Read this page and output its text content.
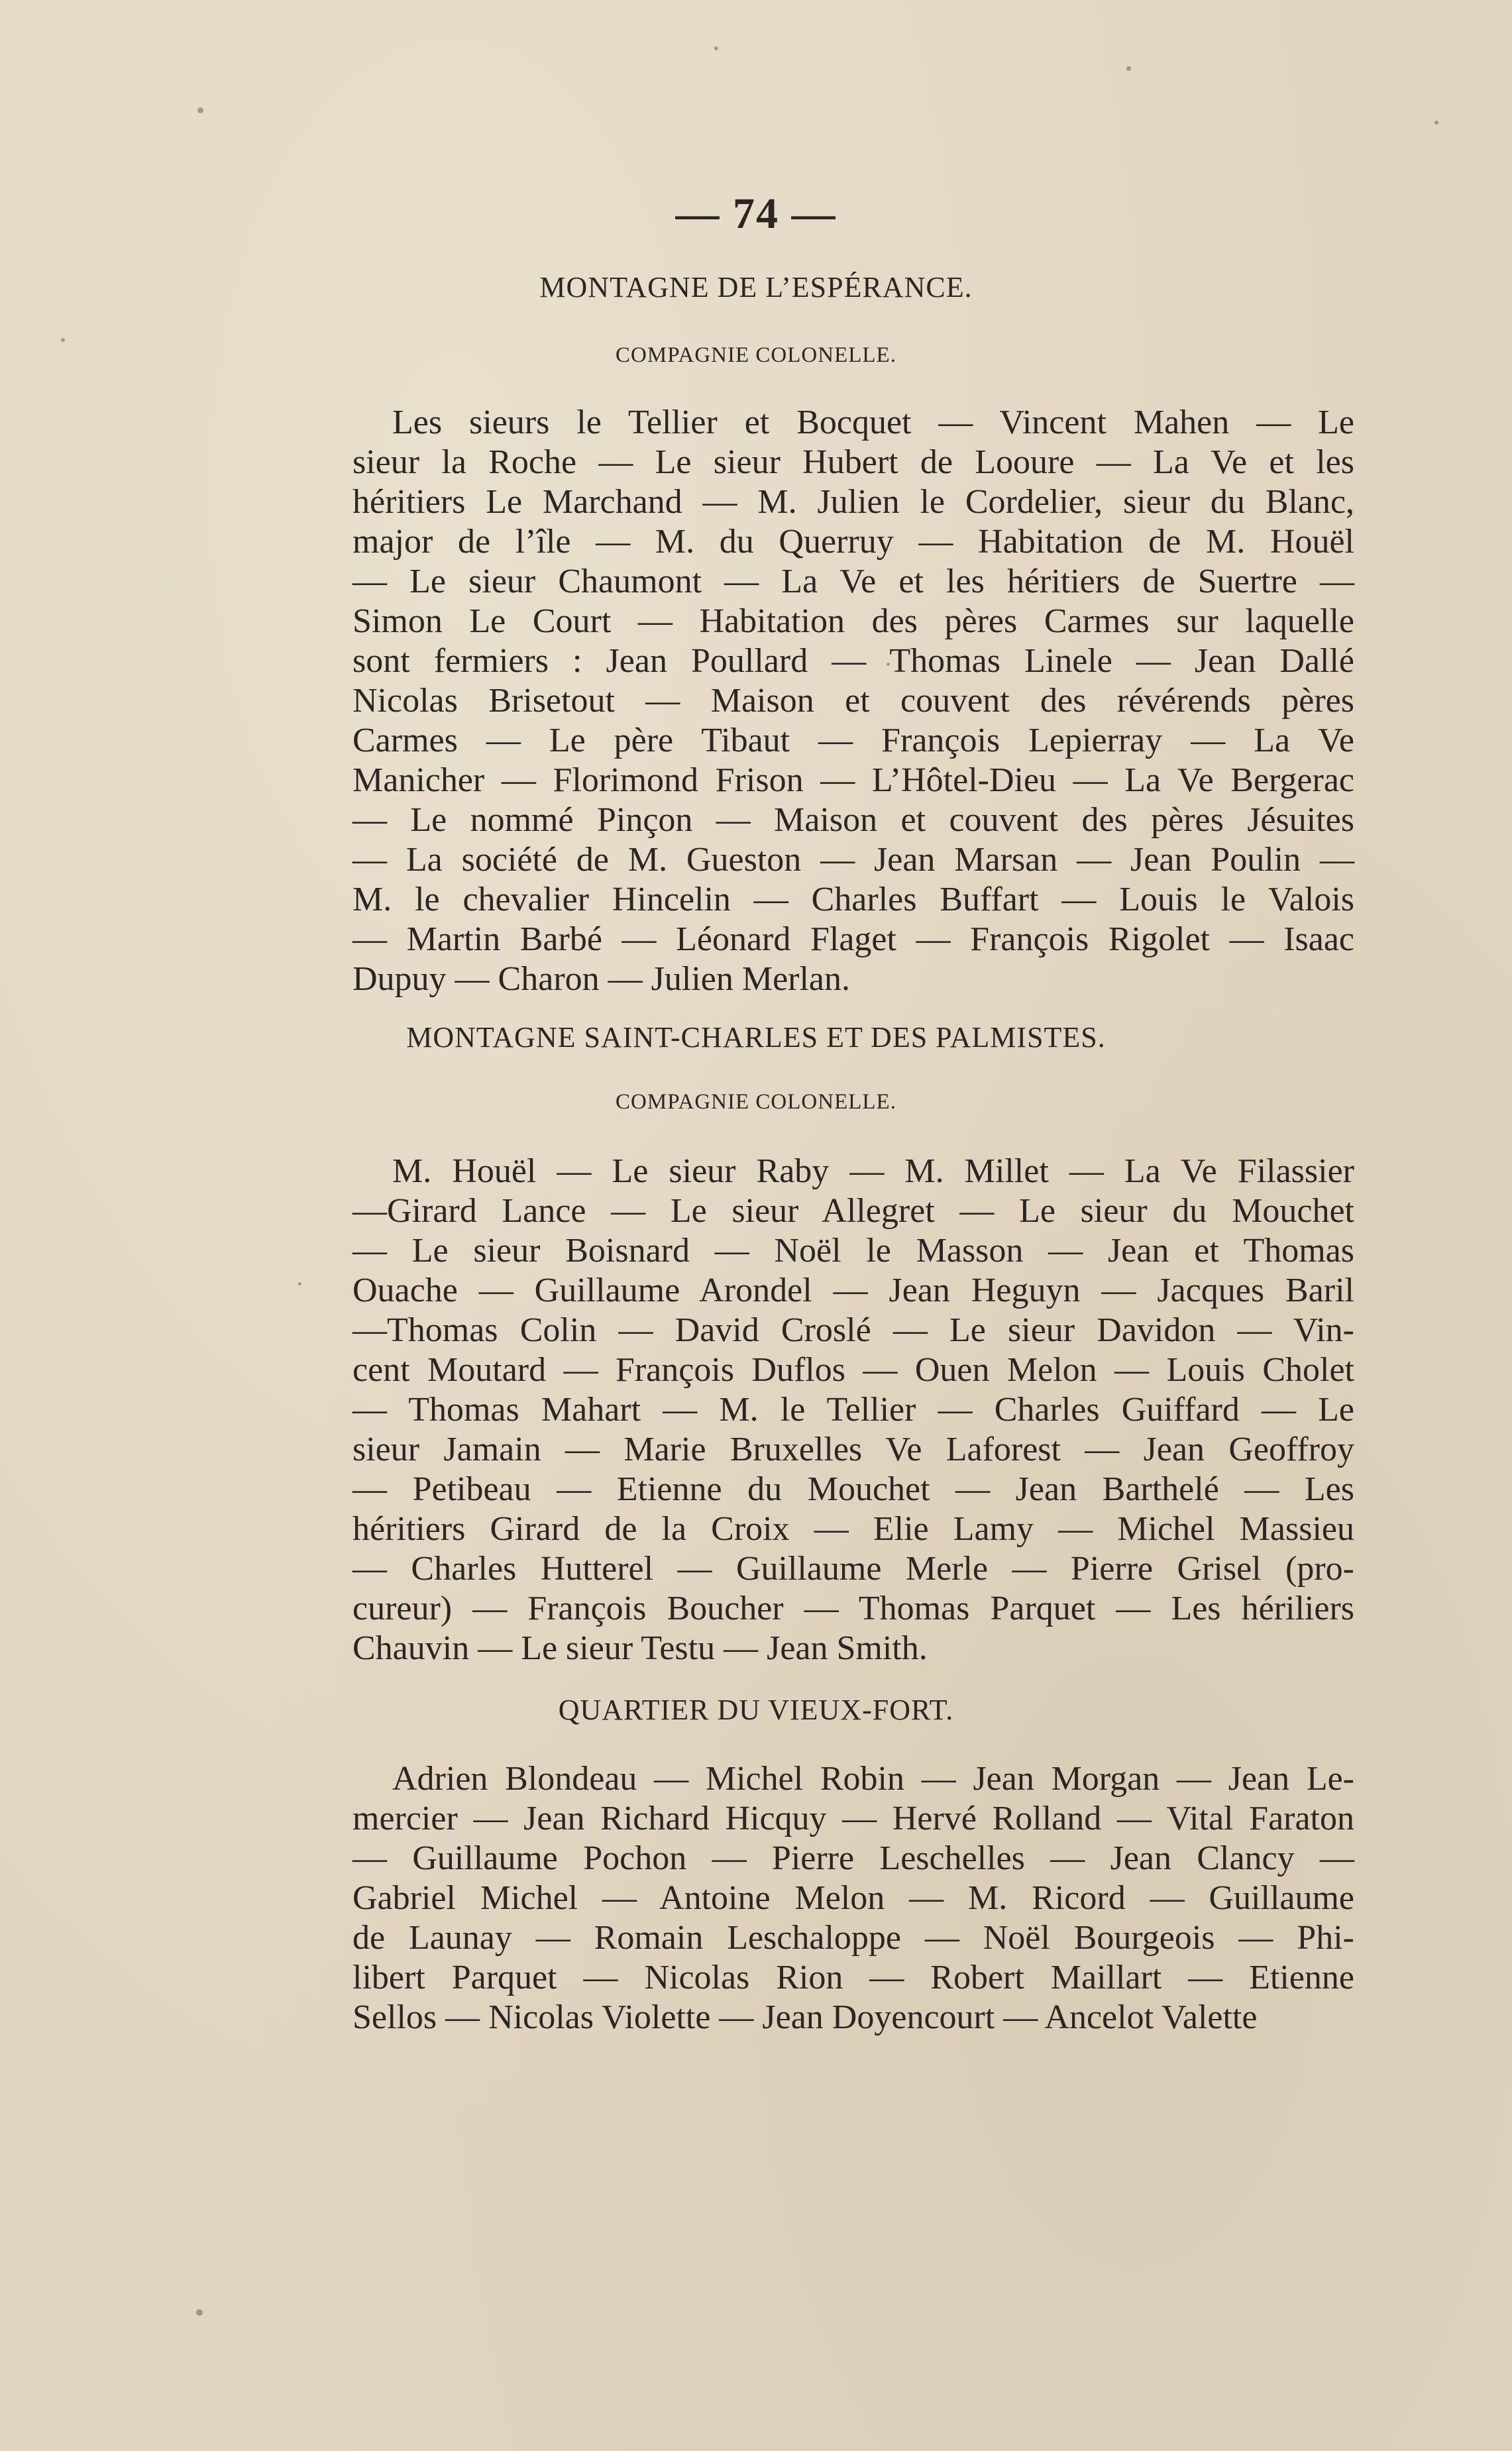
— 74 —
MONTAGNE DE L’ESPÉRANCE.
COMPAGNIE COLONELLE.
Les sieurs le Tellier et Bocquet — Vincent Mahen — Le
sieur la Roche — Le sieur Hubert de Looure — La Ve et les
héritiers Le Marchand — M. Julien le Cordelier, sieur du Blanc,
major de l’île — M. du Querruy — Habitation de M. Houël
— Le sieur Chaumont — La Ve et les héritiers de Suertre —
Simon Le Court — Habitation des pères Carmes sur laquelle
sont fermiers : Jean Poullard — Thomas Linele — Jean Dallé
Nicolas Brisetout — Maison et couvent des révérends pères
Carmes — Le père Tibaut — François Lepierray — La Ve
Manicher — Florimond Frison — L’Hôtel-Dieu — La Ve Bergerac
— Le nommé Pinçon — Maison et couvent des pères Jésuites
— La société de M. Gueston — Jean Marsan — Jean Poulin —
M. le chevalier Hincelin — Charles Buffart — Louis le Valois
— Martin Barbé — Léonard Flaget — François Rigolet — Isaac
Dupuy — Charon — Julien Merlan.
MONTAGNE SAINT-CHARLES ET DES PALMISTES.
COMPAGNIE COLONELLE.
M. Houël — Le sieur Raby — M. Millet — La Ve Filassier
—Girard Lance — Le sieur Allegret — Le sieur du Mouchet
— Le sieur Boisnard — Noël le Masson — Jean et Thomas
Ouache — Guillaume Arondel — Jean Heguyn — Jacques Baril
—Thomas Colin — David Croslé — Le sieur Davidon — Vin-
cent Moutard — François Duflos — Ouen Melon — Louis Cholet
— Thomas Mahart — M. le Tellier — Charles Guiffard — Le
sieur Jamain — Marie Bruxelles Ve Laforest — Jean Geoffroy
— Petibeau — Etienne du Mouchet — Jean Barthelé — Les
héritiers Girard de la Croix — Elie Lamy — Michel Massieu
— Charles Hutterel — Guillaume Merle — Pierre Grisel (pro-
cureur) — François Boucher — Thomas Parquet — Les hériliers
Chauvin — Le sieur Testu — Jean Smith.
QUARTIER DU VIEUX-FORT.
Adrien Blondeau — Michel Robin — Jean Morgan — Jean Le-
mercier — Jean Richard Hicquy — Hervé Rolland — Vital Faraton
— Guillaume Pochon — Pierre Leschelles — Jean Clancy —
Gabriel Michel — Antoine Melon — M. Ricord — Guillaume
de Launay — Romain Leschaloppe — Noël Bourgeois — Phi-
libert Parquet — Nicolas Rion — Robert Maillart — Etienne
Sellos — Nicolas Violette — Jean Doyencourt — Ancelot Valette
